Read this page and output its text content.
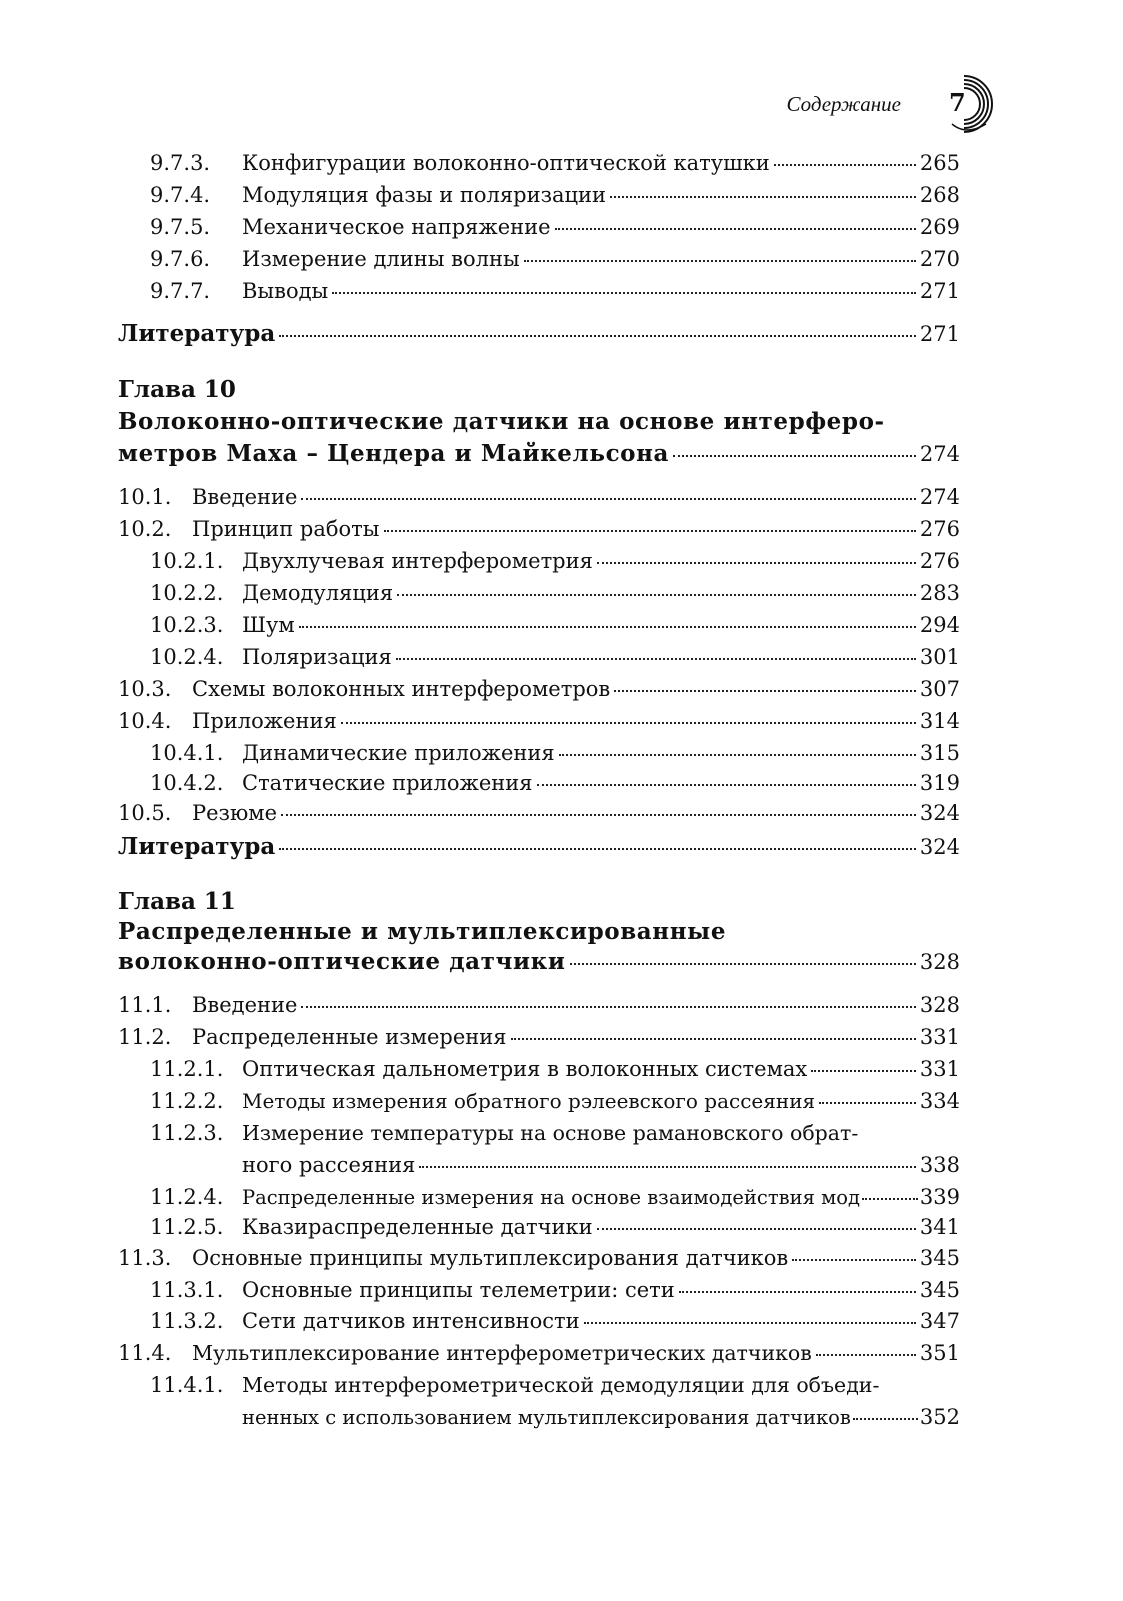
Содержание 7
9.7.3.	Конфигурации волоконно-оптической катушки	265
9.7.4.	Модуляция фазы и поляризации	268
9.7.5.	Механическое напряжение	269
9.7.6.	Измерение длины волны	270
9.7.7.	Выводы	271
Литература	271
Глава 10
Волоконно-оптические датчики на основе интерферо-
метров Маха – Цендера и Майкельсона	274
10.1. Введение	274
10.2. Принцип работы	276
10.2.1. Двухлучевая интерферометрия	276
10.2.2. Демодуляция	283
10.2.3. Шум	294
10.2.4. Поляризация	301
10.3. Схемы волоконных интерферометров	307
10.4. Приложения	314
10.4.1. Динамические приложения	315
10.4.2. Статические приложения	319
10.5. Резюме	324
Литература	324
Глава 11
Распределенные и мультиплексированные
волоконно-оптические датчики	328
11.1. Введение	328
11.2. Распределенные измерения	331
11.2.1. Оптическая дальнометрия в волоконных системах	331
11.2.2. Методы измерения обратного рэлеевского рассеяния	334
11.2.3. Измерение температуры на основе рамановского обрат-
ного рассеяния	338
11.2.4. Распределенные измерения на основе взаимодействия мод	339
11.2.5. Квазираспределенные датчики	341
11.3. Основные принципы мультиплексирования датчиков	345
11.3.1. Основные принципы телеметрии: сети	345
11.3.2. Сети датчиков интенсивности	347
11.4.	Мультиплексирование интерферометрических датчиков	351
11.4.1. Методы интерферометрической демодуляции для объеди-
ненных с использованием мультиплексирования датчиков	352
